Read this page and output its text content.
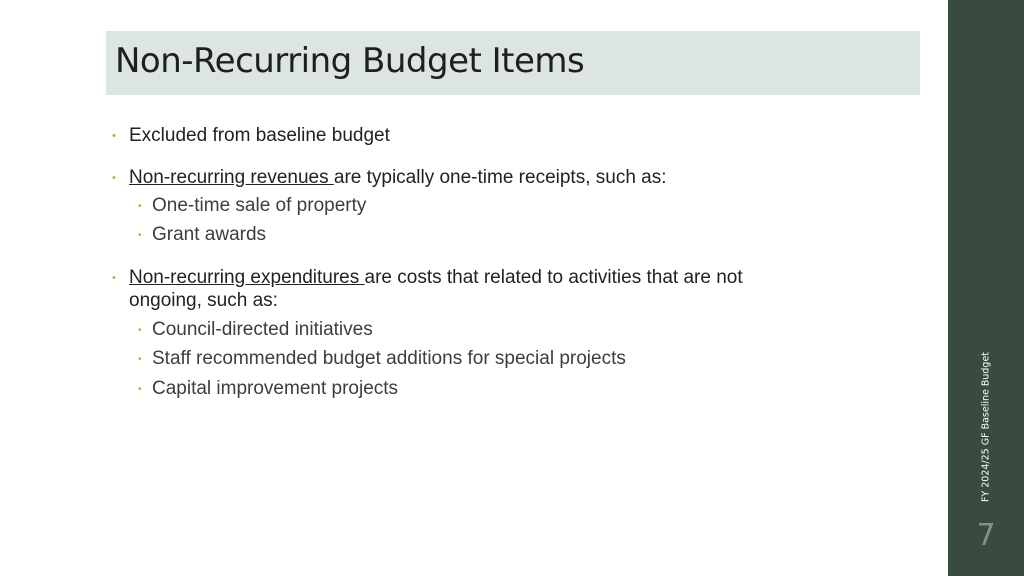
Non-Recurring Budget Items
• Excluded from baseline budget
• Non-recurring revenues are typically one-time receipts, such as:
• One-time sale of property
• Grant awards
• Non-recurring expenditures are costs that related to activities that are not ongoing, such as:
• Council-directed initiatives
• Staff recommended budget additions for special projects
• Capital improvement projects	FY 2024/25 GF Baseline Budget
7
